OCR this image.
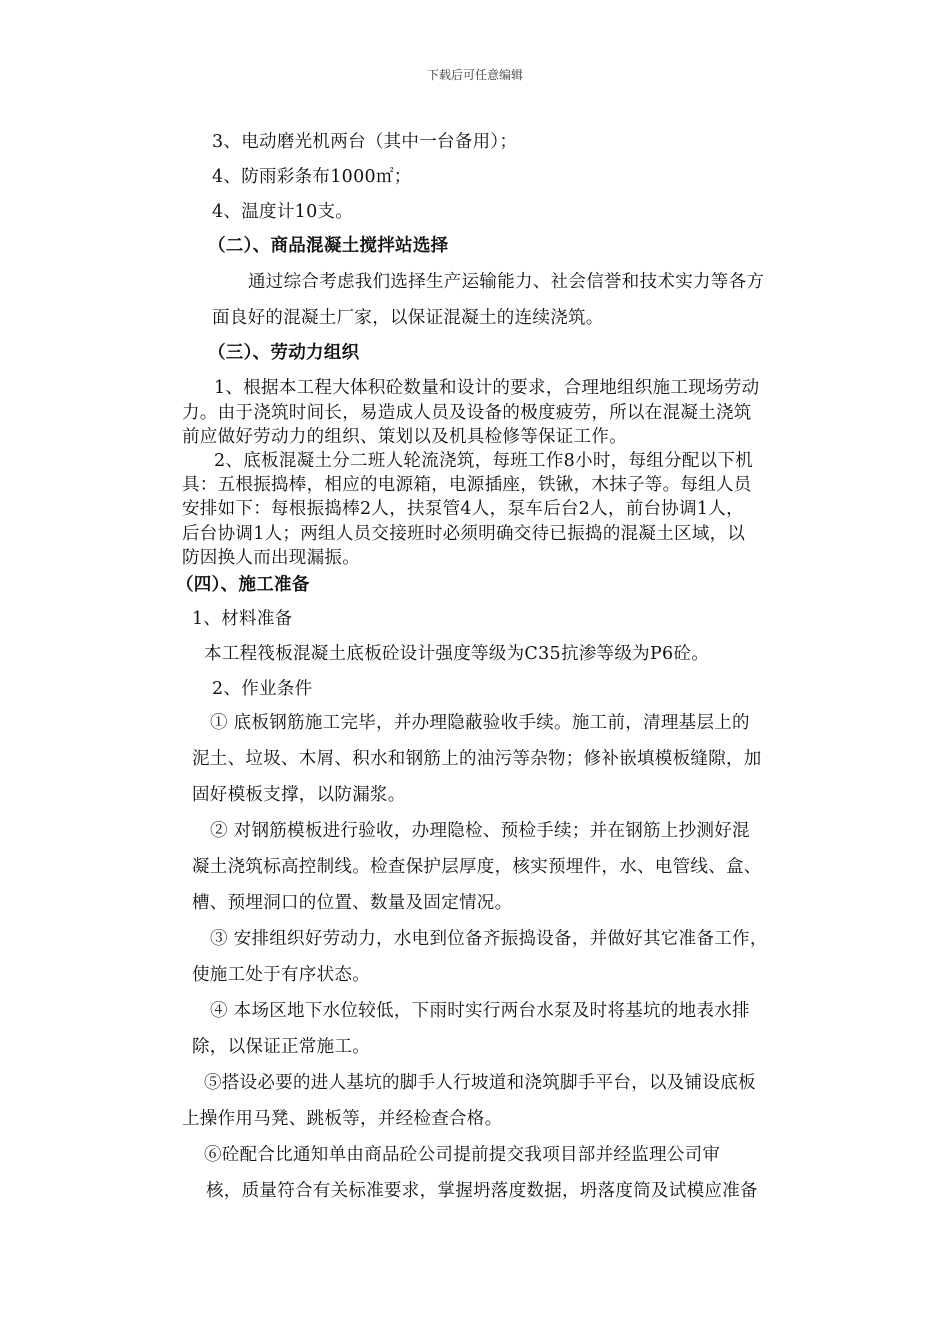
下载后可任意编辑
3、电动磨光机两台（其中一台备用）；
4、防雨彩条布1000㎡；
4、温度计10支。
（二）、商品混凝土搅拌站选择
通过综合考虑我们选择生产运输能力、社会信誉和技术实力等各方
面良好的混凝土厂家，以保证混凝土的连续浇筑。
（三）、劳动力组织
1、根据本工程大体积砼数量和设计的要求，合理地组织施工现场劳动
力。由于浇筑时间长，易造成人员及设备的极度疲劳，所以在混凝土浇筑
前应做好劳动力的组织、策划以及机具检修等保证工作。
2、底板混凝土分二班人轮流浇筑，每班工作8小时，每组分配以下机
具：五根振捣棒，相应的电源箱，电源插座，铁锹，木抹子等。每组人员
安排如下：每根振捣棒2人，扶泵管4人，泵车后台2人，前台协调1人，
后台协调1人；两组人员交接班时必须明确交待已振捣的混凝土区域，以
防因换人而出现漏振。
（四）、施工准备
1、材料准备
本工程筏板混凝土底板砼设计强度等级为C35抗渗等级为P6砼。
2、作业条件
① 底板钢筋施工完毕，并办理隐蔽验收手续。施工前，清理基层上的
泥土、垃圾、木屑、积水和钢筋上的油污等杂物；修补嵌填模板缝隙，加
固好模板支撑，以防漏浆。
② 对钢筋模板进行验收，办理隐检、预检手续；并在钢筋上抄测好混
凝土浇筑标高控制线。检查保护层厚度，核实预埋件，水、电管线、盒、
槽、预埋洞口的位置、数量及固定情况。
③ 安排组织好劳动力，水电到位备齐振捣设备，并做好其它准备工作，
使施工处于有序状态。
④ 本场区地下水位较低，下雨时实行两台水泵及时将基坑的地表水排
除，以保证正常施工。
⑤搭设必要的进人基坑的脚手人行坡道和浇筑脚手平台，以及铺设底板
上操作用马凳、跳板等，并经检查合格。
⑥砼配合比通知单由商品砼公司提前提交我项目部并经监理公司审
核，质量符合有关标准要求，掌握坍落度数据，坍落度筒及试模应准备
